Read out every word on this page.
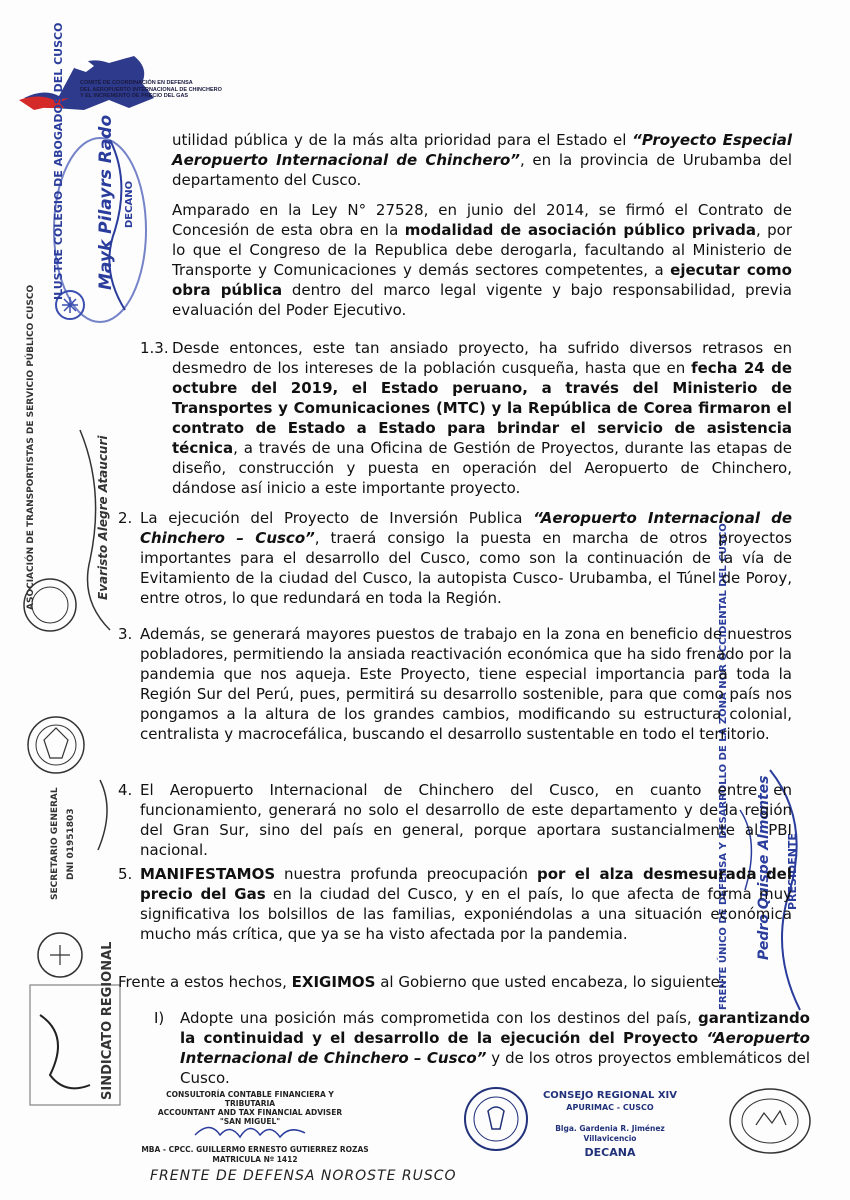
COMITÉ DE COORDINACIÓN EN DEFENSA
DEL AEROPUERTO INTERNACIONAL DE CHINCHERO
Y EL INCREMENTO DE PRECIO DEL GAS
ILUSTRE COLEGIO DE ABOGADOS DEL CUSCO Mayk Pilayrs Rado DECANO
ASOCIACIÓN DE TRANSPORTISTAS DE SERVICIO PÚBLICO CUSCO	Evaristo Alegre Ataucuri
SECRETARIO GENERAL DNI 01951803
SINDICATO REGIONAL
FRENTE ÚNICO DE DEFENSA Y DESARROLLO DE LA ZONA NOR OCCIDENTAL DEL CUSCO Pedro Quispe Almontes PRESIDENTE

utilidad pública y de la más alta prioridad para el Estado el “Proyecto Especial Aeropuerto Internacional de Chinchero”, en la provincia de Urubamba del departamento del Cusco.

Amparado en la Ley N° 27528, en junio del 2014, se firmó el Contrato de Concesión de esta obra en la modalidad de asociación público privada, por lo que el Congreso de la Republica debe derogarla, facultando al Ministerio de Transporte y Comunicaciones y demás sectores competentes, a ejecutar como obra pública dentro del marco legal vigente y bajo responsabilidad, previa evaluación del Poder Ejecutivo.

1.3. Desde entonces, este tan ansiado proyecto, ha sufrido diversos retrasos en desmedro de los intereses de la población cusqueña, hasta que en fecha 24 de octubre del 2019, el Estado peruano, a través del Ministerio de Transportes y Comunicaciones (MTC) y la República de Corea firmaron el contrato de Estado a Estado para brindar el servicio de asistencia técnica, a través de una Oficina de Gestión de Proyectos, durante las etapas de diseño, construcción y puesta en operación del Aeropuerto de Chinchero, dándose así inicio a este importante proyecto.

2. La ejecución del Proyecto de Inversión Publica “Aeropuerto Internacional de Chinchero – Cusco”, traerá consigo la puesta en marcha de otros proyectos importantes para el desarrollo del Cusco, como son la continuación de la vía de Evitamiento de la ciudad del Cusco, la autopista Cusco- Urubamba, el Túnel de Poroy, entre otros, lo que redundará en toda la Región.

3. Además, se generará mayores puestos de trabajo en la zona en beneficio de nuestros pobladores, permitiendo la ansiada reactivación económica que ha sido frenado por la pandemia que nos aqueja. Este Proyecto, tiene especial importancia para toda la Región Sur del Perú, pues, permitirá su desarrollo sostenible, para que como país nos pongamos a la altura de los grandes cambios, modificando su estructura colonial, centralista y macrocefálica, buscando el desarrollo sustentable en todo el territorio.

4. El Aeropuerto Internacional de Chinchero del Cusco, en cuanto entre en funcionamiento, generará no solo el desarrollo de este departamento y de la región del Gran Sur, sino del país en general, porque aportara sustancialmente al PBI nacional.

5. MANIFESTAMOS nuestra profunda preocupación por el alza desmesurada del precio del Gas en la ciudad del Cusco, y en el país, lo que afecta de forma muy significativa los bolsillos de las familias, exponiéndolas a una situación económica mucho más crítica, que ya se ha visto afectada por la pandemia.

Frente a estos hechos, EXIGIMOS al Gobierno que usted encabeza, lo siguiente:

I) Adopte una posición más comprometida con los destinos del país, garantizando la continuidad y el desarrollo de la ejecución del Proyecto “Aeropuerto Internacional de Chinchero – Cusco” y de los otros proyectos emblemáticos del Cusco.

CONSULTORÍA CONTABLE FINANCIERA Y TRIBUTARIA
ACCOUNTANT AND TAX FINANCIAL ADVISER
"SAN MIGUEL"
MBA - CPCC. GUILLERMO ERNESTO GUTIERREZ ROZAS
MATRICULA Nº 1412
CONSEJO REGIONAL XIV
APURIMAC - CUSCO
Blga. Gardenia R. Jiménez Villavicencio
DECANA
FRENTE DE DEFENSA NOROSTE RUSCO
